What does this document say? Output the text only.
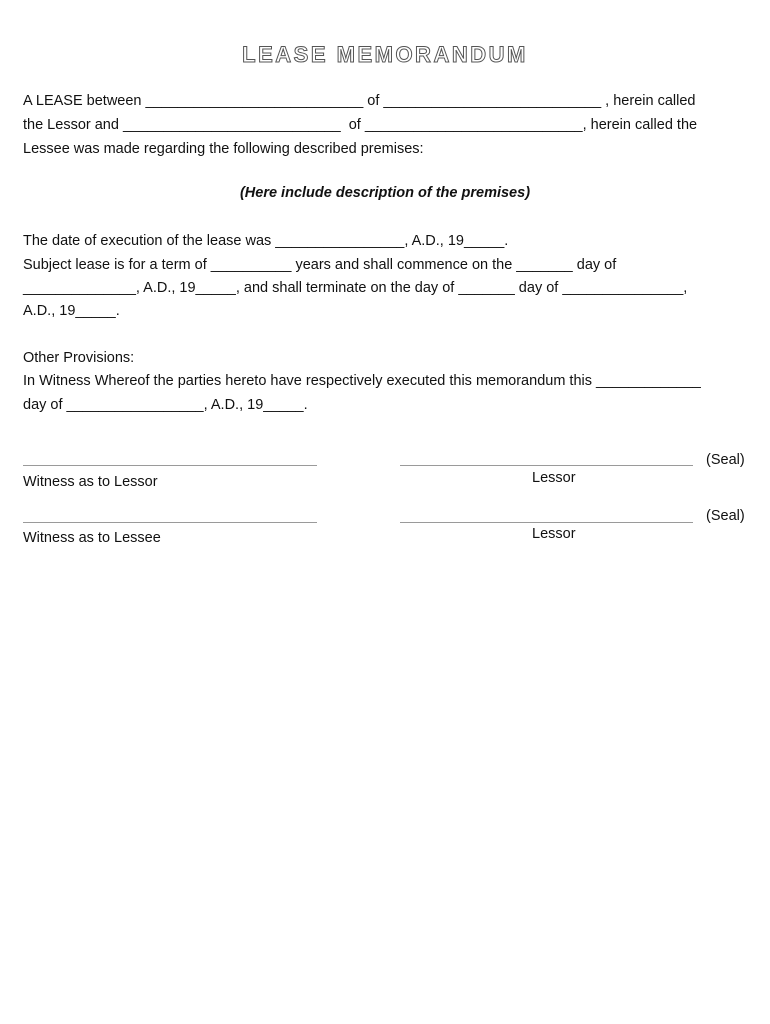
LEASE MEMORANDUM
A LEASE between ___________________________ of ___________________________ , herein called
the Lessor and ___________________________  of ___________________________, herein called the
Lessee was made regarding the following described premises:
(Here include description of the premises)
The date of execution of the lease was ________________, A.D., 19_____.
Subject lease is for a term of __________ years and shall commence on the _______ day of
______________, A.D., 19_____, and shall terminate on the day of _______ day of _______________,
A.D., 19_____.
Other Provisions:
In Witness Whereof the parties hereto have respectively executed this memorandum this _____________
day of _________________, A.D., 19_____.
Witness as to Lessor
(Seal)
Lessor
Witness as to Lessee
(Seal)
Lessor
